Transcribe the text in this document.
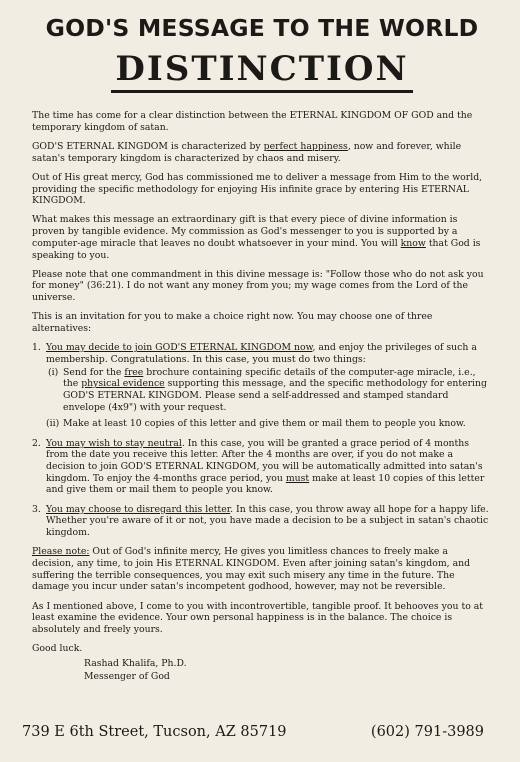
GOD'S MESSAGE TO THE WORLD
DISTINCTION

The time has come for a clear distinction between the ETERNAL KINGDOM OF GOD and the temporary kingdom of satan.

GOD'S ETERNAL KINGDOM is characterized by perfect happiness, now and forever, while satan's temporary kingdom is characterized by chaos and misery.

Out of His great mercy, God has commissioned me to deliver a message from Him to the world, providing the specific methodology for enjoying His infinite grace by entering His ETERNAL KINGDOM.

What makes this message an extraordinary gift is that every piece of divine information is proven by tangible evidence. My commission as God's messenger to you is supported by a computer-age miracle that leaves no doubt whatsoever in your mind. You will know that God is speaking to you.

Please note that one commandment in this divine message is: "Follow those who do not ask you for money" (36:21). I do not want any money from you; my wage comes from the Lord of the universe.

This is an invitation for you to make a choice right now. You may choose one of three alternatives:

1. You may decide to join GOD'S ETERNAL KINGDOM now, and enjoy the privileges of such a membership. Congratulations. In this case, you must do two things:
(i) Send for the free brochure containing specific details of the computer-age miracle, i.e., the physical evidence supporting this message, and the specific methodology for entering GOD'S ETERNAL KINGDOM. Please send a self-addressed and stamped standard envelope (4x9") with your request.
(ii) Make at least 10 copies of this letter and give them or mail them to people you know.
2. You may wish to stay neutral. In this case, you will be granted a grace period of 4 months from the date you receive this letter. After the 4 months are over, if you do not make a decision to join GOD'S ETERNAL KINGDOM, you will be automatically admitted into satan's kingdom. To enjoy the 4-months grace period, you must make at least 10 copies of this letter and give them or mail them to people you know.
3. You may choose to disregard this letter. In this case, you throw away all hope for a happy life. Whether you're aware of it or not, you have made a decision to be a subject in satan's chaotic kingdom.

Please note: Out of God's infinite mercy, He gives you limitless chances to freely make a decision, any time, to join His ETERNAL KINGDOM. Even after joining satan's kingdom, and suffering the terrible consequences, you may exit such misery any time in the future. The damage you incur under satan's incompetent godhood, however, may not be reversible.

As I mentioned above, I come to you with incontrovertible, tangible proof. It behooves you to at least examine the evidence. Your own personal happiness is in the balance. The choice is absolutely and freely yours.

Good luck.
Rashad Khalifa, Ph.D.
Messenger of God
739 E 6th Street, Tucson, AZ 85719	(602) 791-3989
